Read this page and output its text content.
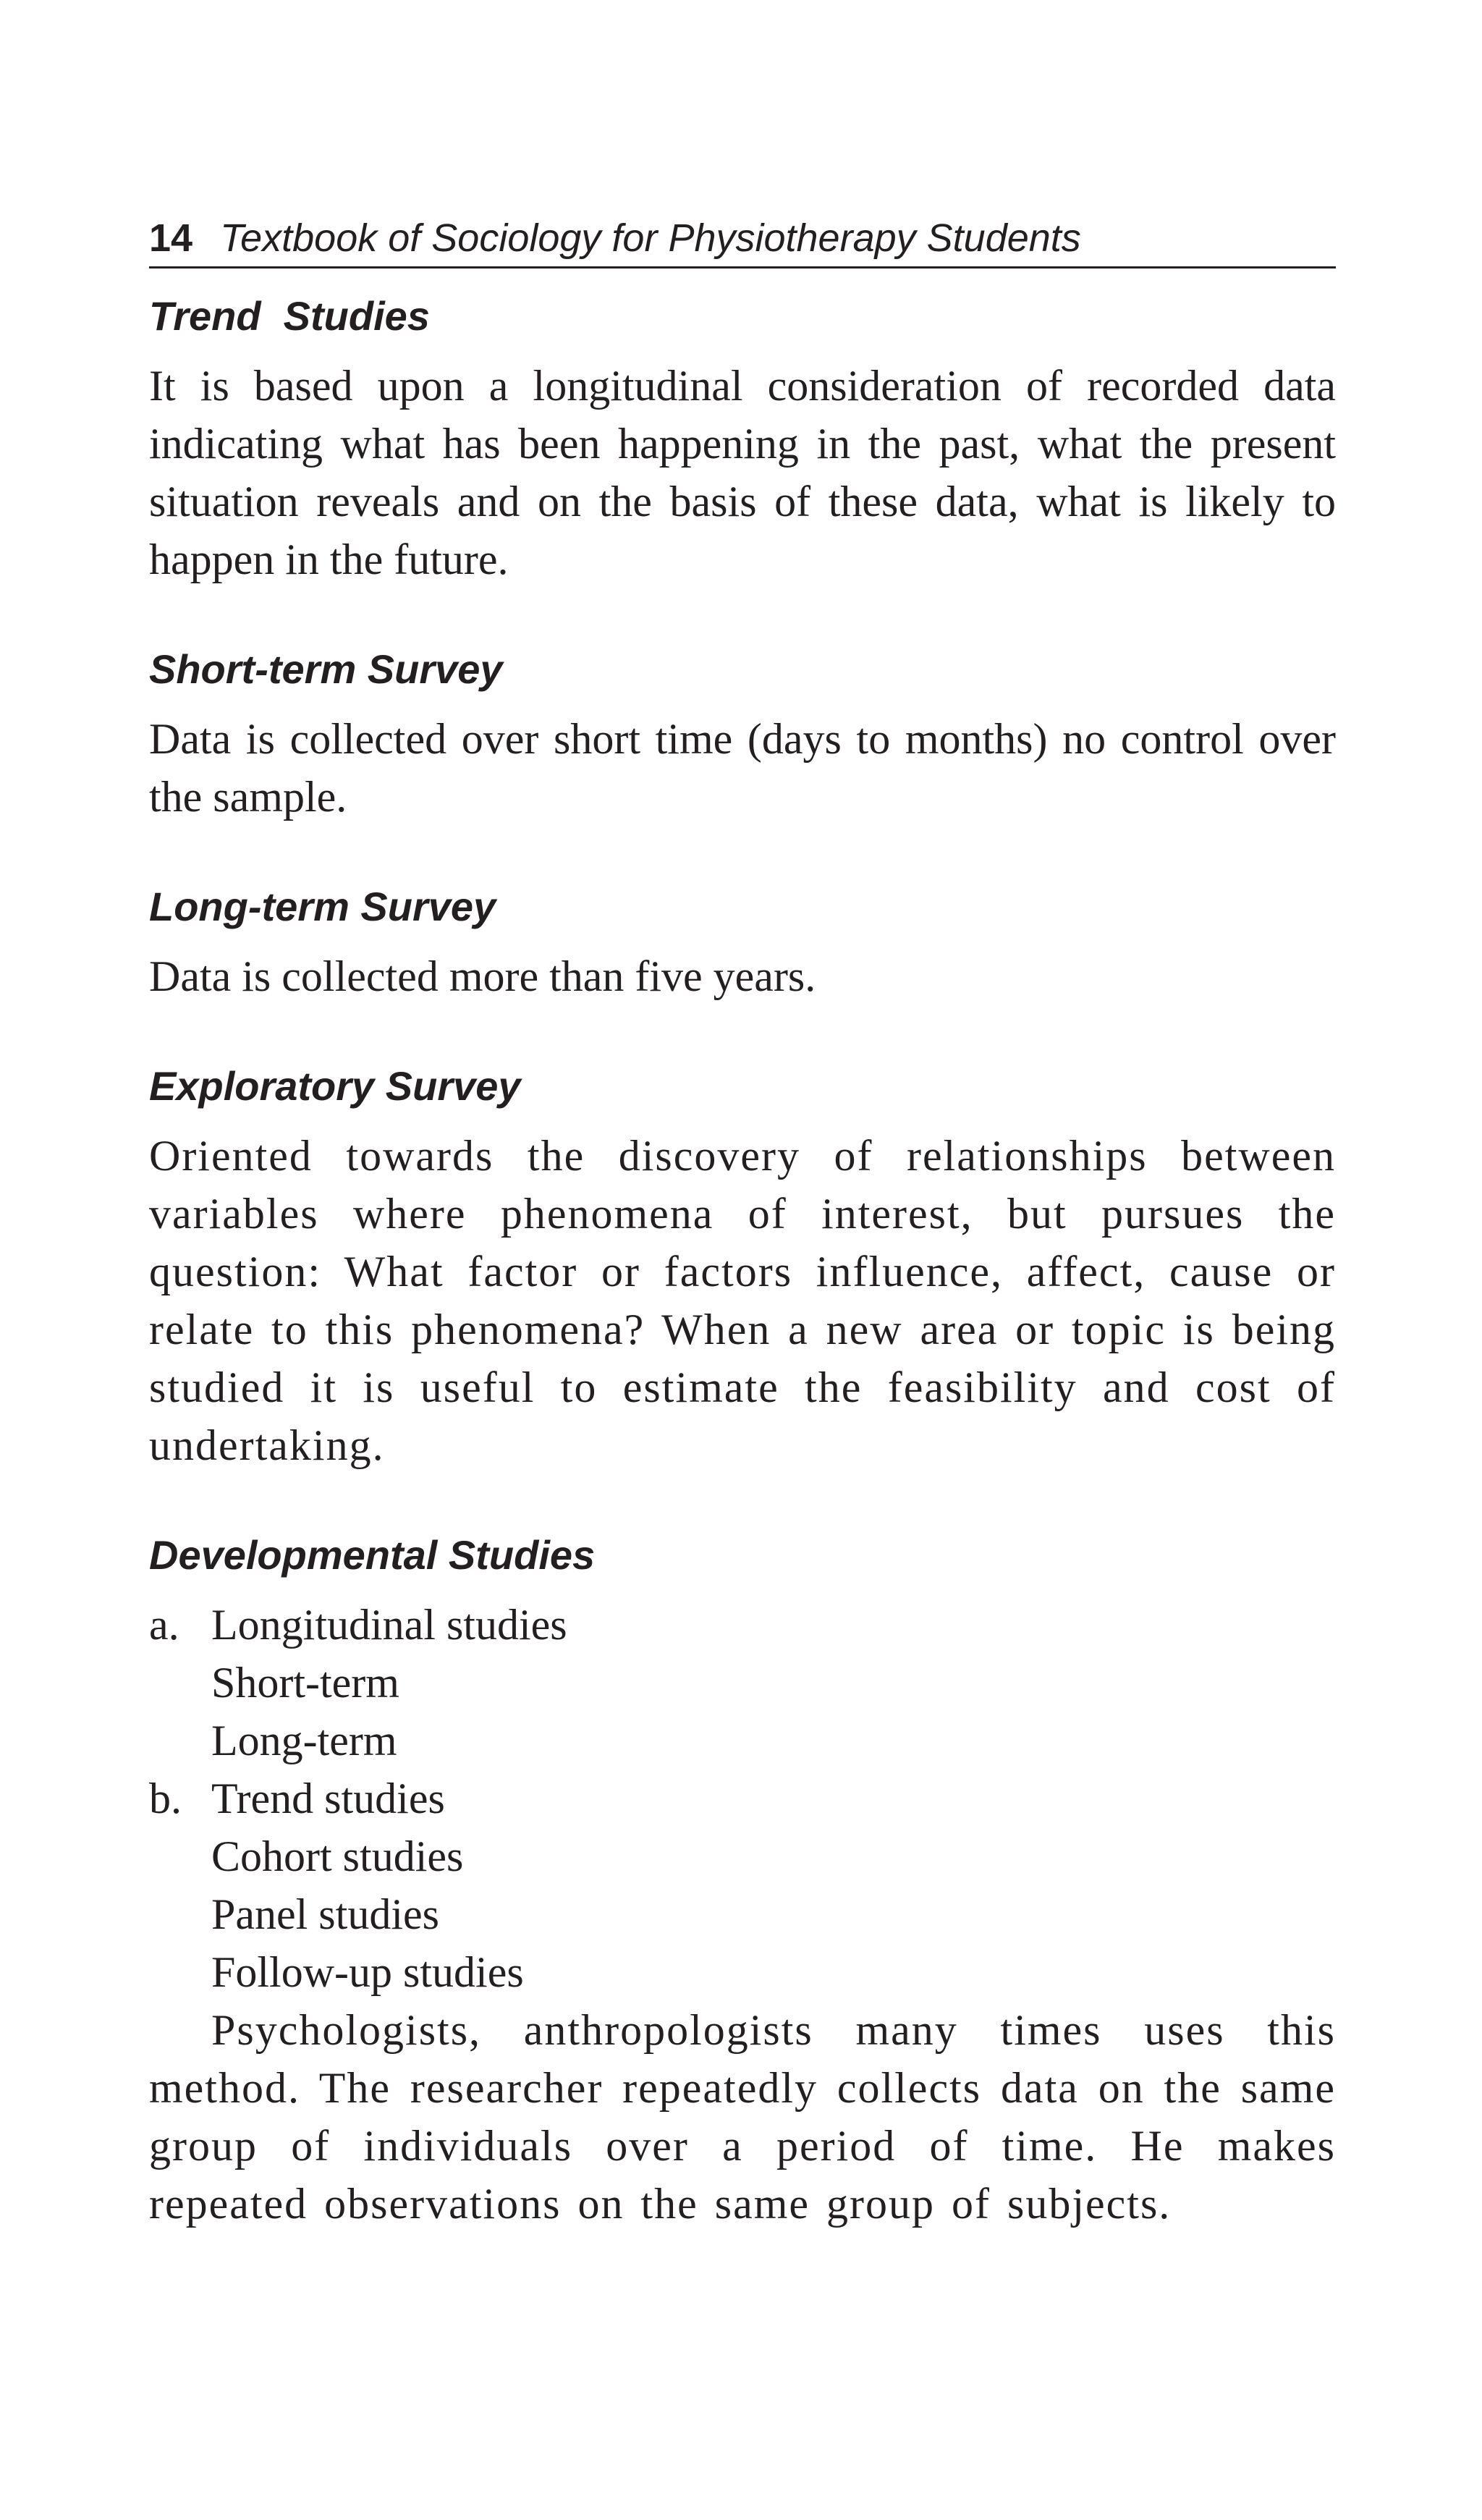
14 Textbook of Sociology for Physiotherapy Students
Trend  Studies

It is based upon a longitudinal consideration of recorded data indicating what has been happening in the past, what the present situation reveals and on the basis of these data, what is likely to happen in the future.

Short-term Survey

Data is collected over short time (days to months) no control over the sample.

Long-term Survey

Data is collected more than five years.

Exploratory Survey

Oriented towards the discovery of relationships between variables where phenomena of interest, but pursues the question: What factor or factors influence, affect, cause or relate to this phenomena? When a new area or topic is being studied it is useful to estimate the feasibility and cost of undertaking.

Developmental Studies
a. Longitudinal studies
Short-term
Long-term
b. Trend studies
Cohort studies
Panel studies
Follow-up studies

Psychologists, anthropologists many times uses this method. The researcher repeatedly collects data on the same group of individuals over a period of time. He makes repeated observations on the same group of subjects.
